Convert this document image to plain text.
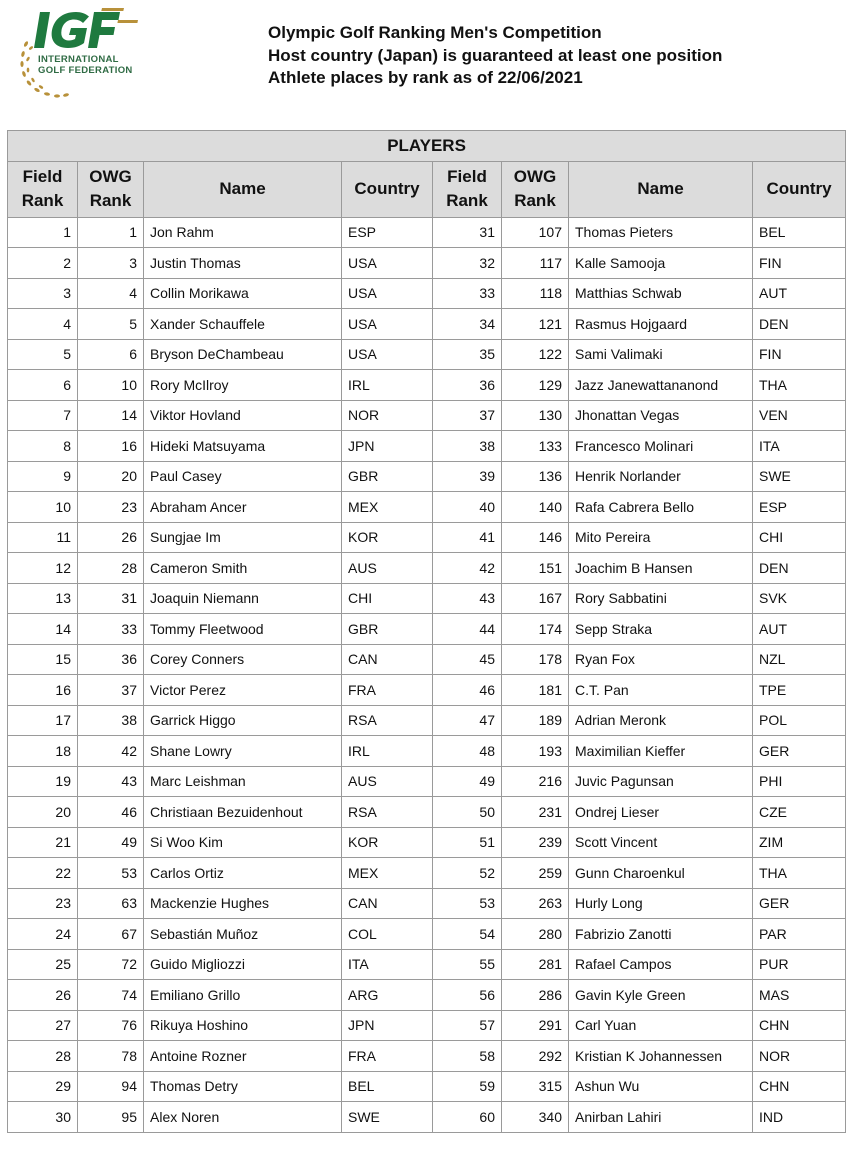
INTERNATIONAL
GOLF FEDERATION
Olympic Golf Ranking Men's Competition
Host country (Japan) is guaranteed at least one position
Athlete places by rank as of 22/06/2021
PLAYERS							
Field Rank	OWG Rank	Name	Country	Field Rank	OWG Rank	Name	Country
1	1	Jon Rahm	ESP	31	107	Thomas Pieters	BEL
2	3	Justin Thomas	USA	32	117	Kalle Samooja	FIN
3	4	Collin Morikawa	USA	33	118	Matthias Schwab	AUT
4	5	Xander Schauffele	USA	34	121	Rasmus Hojgaard	DEN
5	6	Bryson DeChambeau	USA	35	122	Sami Valimaki	FIN
6	10	Rory McIlroy	IRL	36	129	Jazz Janewattananond	THA
7	14	Viktor Hovland	NOR	37	130	Jhonattan Vegas	VEN
8	16	Hideki Matsuyama	JPN	38	133	Francesco Molinari	ITA
9	20	Paul Casey	GBR	39	136	Henrik Norlander	SWE
10	23	Abraham Ancer	MEX	40	140	Rafa Cabrera Bello	ESP
11	26	Sungjae Im	KOR	41	146	Mito Pereira	CHI
12	28	Cameron Smith	AUS	42	151	Joachim B Hansen	DEN
13	31	Joaquin Niemann	CHI	43	167	Rory Sabbatini	SVK
14	33	Tommy Fleetwood	GBR	44	174	Sepp Straka	AUT
15	36	Corey Conners	CAN	45	178	Ryan Fox	NZL
16	37	Victor Perez	FRA	46	181	C.T. Pan	TPE
17	38	Garrick Higgo	RSA	47	189	Adrian Meronk	POL
18	42	Shane Lowry	IRL	48	193	Maximilian Kieffer	GER
19	43	Marc Leishman	AUS	49	216	Juvic Pagunsan	PHI
20	46	Christiaan Bezuidenhout	RSA	50	231	Ondrej Lieser	CZE
21	49	Si Woo Kim	KOR	51	239	Scott Vincent	ZIM
22	53	Carlos Ortiz	MEX	52	259	Gunn Charoenkul	THA
23	63	Mackenzie Hughes	CAN	53	263	Hurly Long	GER
24	67	Sebastián Muñoz	COL	54	280	Fabrizio Zanotti	PAR
25	72	Guido Migliozzi	ITA	55	281	Rafael Campos	PUR
26	74	Emiliano Grillo	ARG	56	286	Gavin Kyle Green	MAS
27	76	Rikuya Hoshino	JPN	57	291	Carl Yuan	CHN
28	78	Antoine Rozner	FRA	58	292	Kristian K Johannessen	NOR
29	94	Thomas Detry	BEL	59	315	Ashun Wu	CHN
30	95	Alex Noren	SWE	60	340	Anirban Lahiri	IND
